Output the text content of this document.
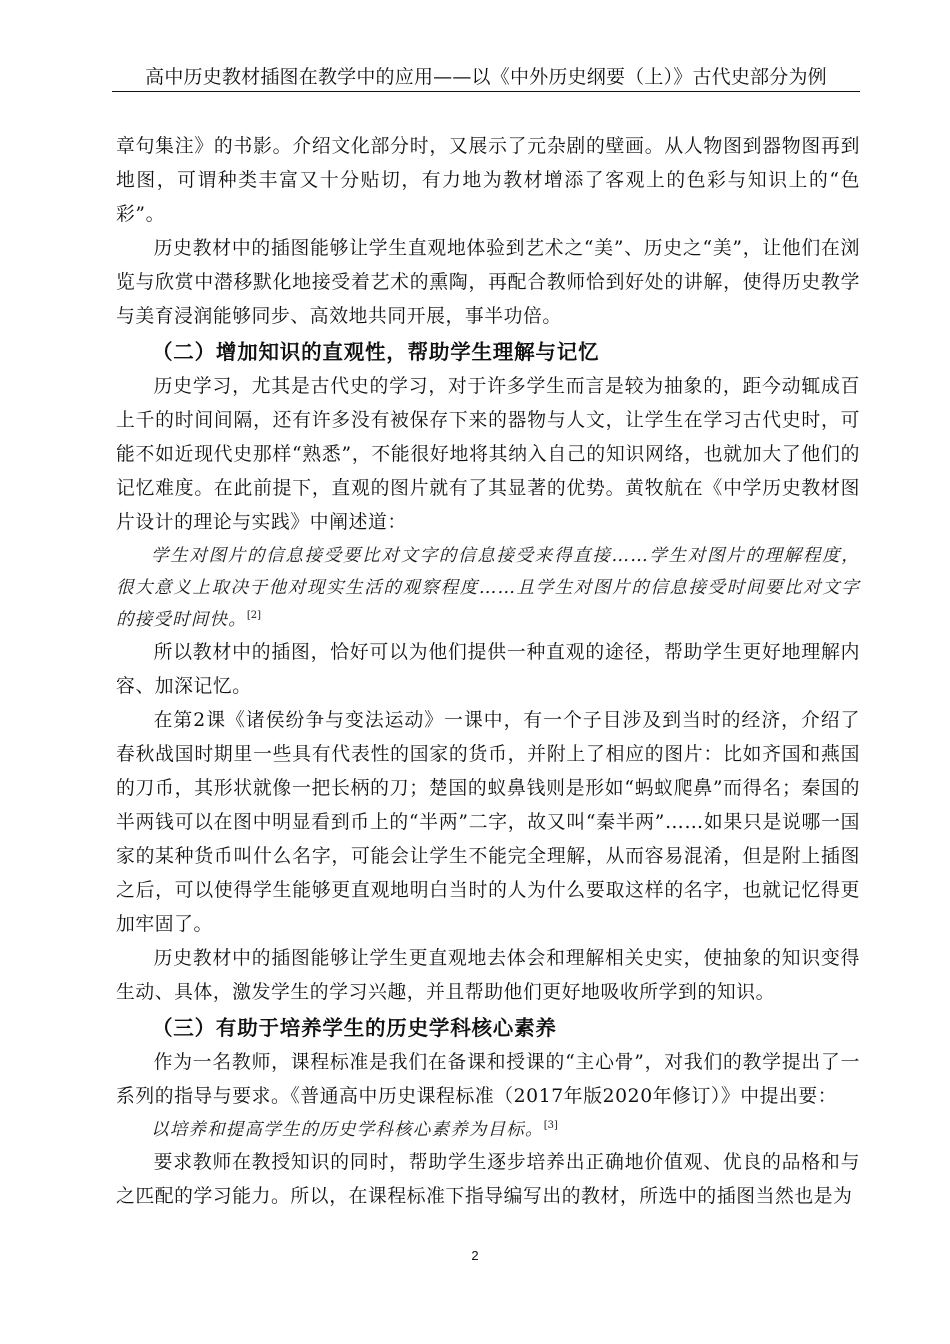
高中历史教材插图在教学中的应用——以《中外历史纲要（上）》古代史部分为例

章句集注》的书影。介绍文化部分时，又展示了元杂剧的壁画。从人物图到器物图再到地图，可谓种类丰富又十分贴切，有力地为教材增添了客观上的色彩与知识上的“色彩”。

历史教材中的插图能够让学生直观地体验到艺术之“美”、历史之“美”，让他们在浏览与欣赏中潜移默化地接受着艺术的熏陶，再配合教师恰到好处的讲解，使得历史教学与美育浸润能够同步、高效地共同开展，事半功倍。

（二）增加知识的直观性，帮助学生理解与记忆

历史学习，尤其是古代史的学习，对于许多学生而言是较为抽象的，距今动辄成百上千的时间间隔，还有许多没有被保存下来的器物与人文，让学生在学习古代史时，可能不如近现代史那样“熟悉”，不能很好地将其纳入自己的知识网络，也就加大了他们的记忆难度。在此前提下，直观的图片就有了其显著的优势。黄牧航在《中学历史教材图片设计的理论与实践》中阐述道：

学生对图片的信息接受要比对文字的信息接受来得直接……学生对图片的理解程度，很大意义上取决于他对现实生活的观察程度……且学生对图片的信息接受时间要比对文字的接受时间快。[2]

所以教材中的插图，恰好可以为他们提供一种直观的途径，帮助学生更好地理解内容、加深记忆。

在第2课《诸侯纷争与变法运动》一课中，有一个子目涉及到当时的经济，介绍了春秋战国时期里一些具有代表性的国家的货币，并附上了相应的图片：比如齐国和燕国的刀币，其形状就像一把长柄的刀；楚国的蚁鼻钱则是形如“蚂蚁爬鼻”而得名；秦国的半两钱可以在图中明显看到币上的“半两”二字，故又叫“秦半两”……如果只是说哪一国家的某种货币叫什么名字，可能会让学生不能完全理解，从而容易混淆，但是附上插图之后，可以使得学生能够更直观地明白当时的人为什么要取这样的名字，也就记忆得更加牢固了。

历史教材中的插图能够让学生更直观地去体会和理解相关史实，使抽象的知识变得生动、具体，激发学生的学习兴趣，并且帮助他们更好地吸收所学到的知识。

（三）有助于培养学生的历史学科核心素养

作为一名教师，课程标准是我们在备课和授课的“主心骨”，对我们的教学提出了一系列的指导与要求。《普通高中历史课程标准（2017年版2020年修订）》中提出要：

以培养和提高学生的历史学科核心素养为目标。[3]

要求教师在教授知识的同时，帮助学生逐步培养出正确地价值观、优良的品格和与之匹配的学习能力。所以，在课程标准下指导编写出的教材，所选中的插图当然也是为

2
